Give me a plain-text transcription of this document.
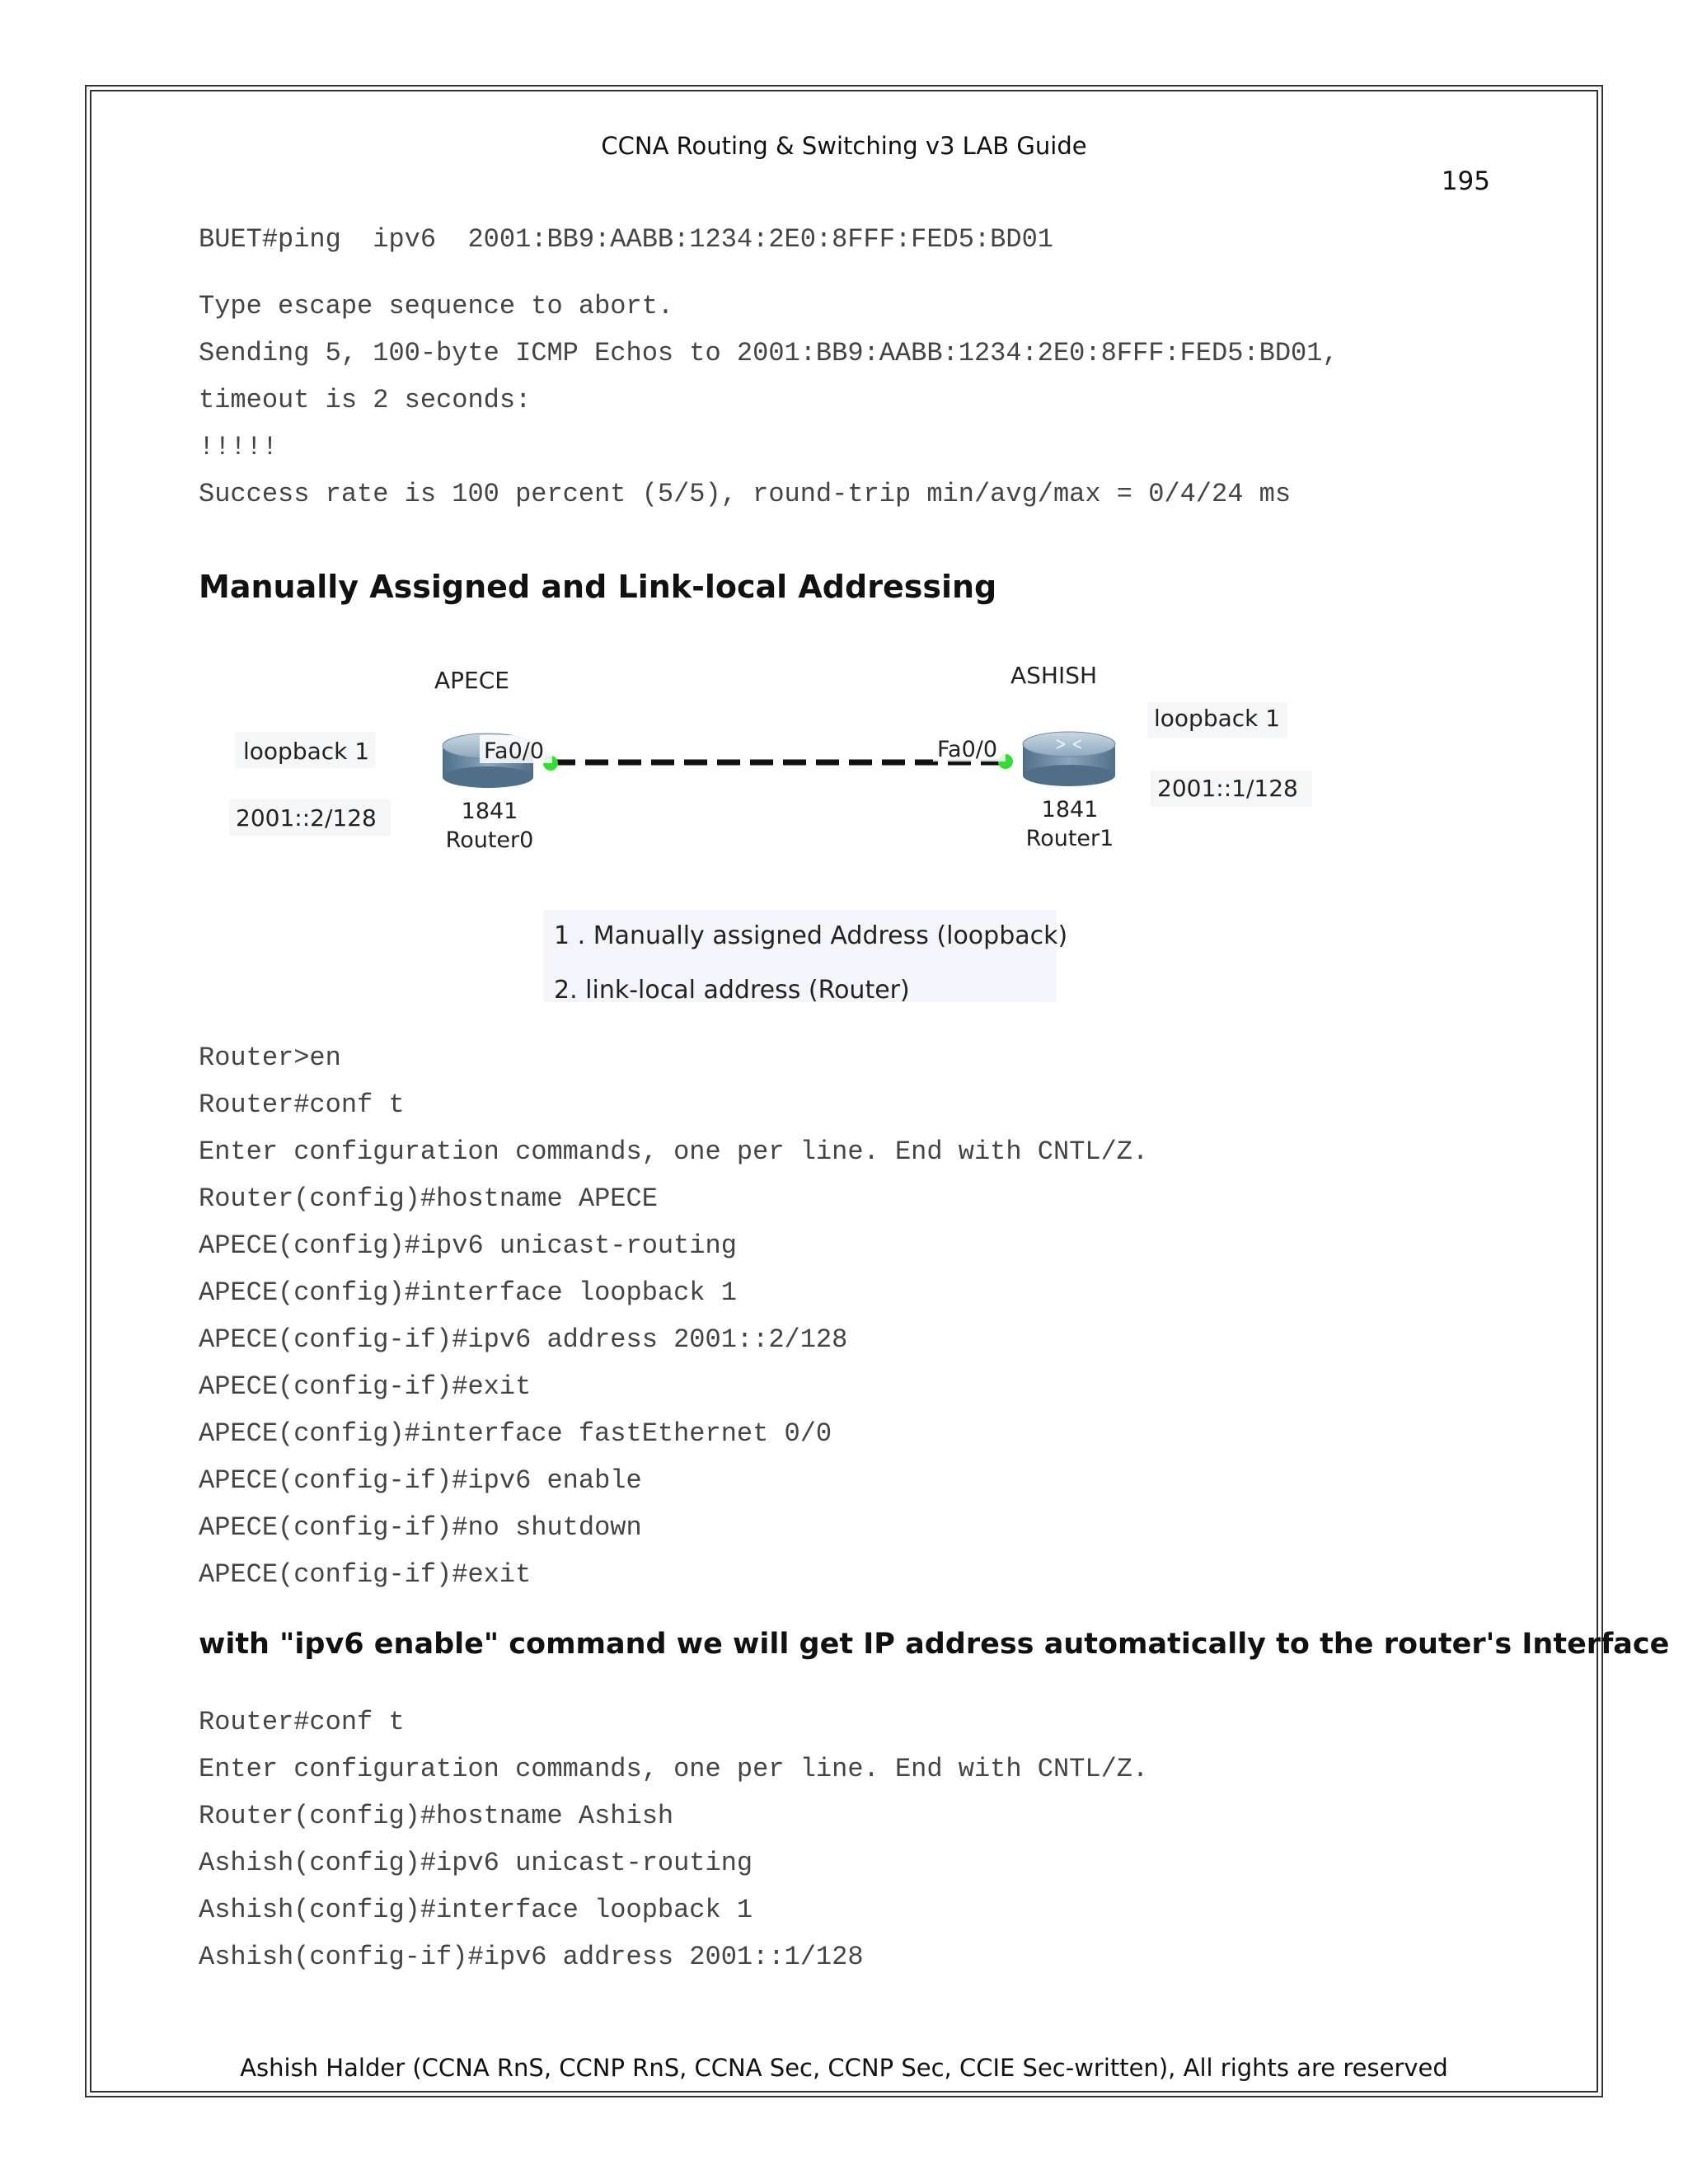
CCNA Routing & Switching v3 LAB Guide
195
BUET#ping  ipv6  2001:BB9:AABB:1234:2E0:8FFF:FED5:BD01
Type escape sequence to abort.
Sending 5, 100-byte ICMP Echos to 2001:BB9:AABB:1234:2E0:8FFF:FED5:BD01,
timeout is 2 seconds:
!!!!!
Success rate is 100 percent (5/5), round-trip min/avg/max = 0/4/24 ms
Manually Assigned and Link-local Addressing
Fa0/0	Fa0/0
APECE	ASHISH
1841
Router0
1841
Router1
loopback 1
2001::2/128
loopback 1
2001::1/128
1 . Manually assigned Address (loopback)
2. link-local address (Router)
Router>en
Router#conf t
Enter configuration commands, one per line. End with CNTL/Z.
Router(config)#hostname APECE
APECE(config)#ipv6 unicast-routing
APECE(config)#interface loopback 1
APECE(config-if)#ipv6 address 2001::2/128
APECE(config-if)#exit
APECE(config)#interface fastEthernet 0/0
APECE(config-if)#ipv6 enable
APECE(config-if)#no shutdown
APECE(config-if)#exit
with "ipv6 enable" command we will get IP address automatically to the router's Interface
Router#conf t
Enter configuration commands, one per line. End with CNTL/Z.
Router(config)#hostname Ashish
Ashish(config)#ipv6 unicast-routing
Ashish(config)#interface loopback 1
Ashish(config-if)#ipv6 address 2001::1/128
Ashish Halder (CCNA RnS, CCNP RnS, CCNA Sec, CCNP Sec, CCIE Sec-written), All rights are reserved
